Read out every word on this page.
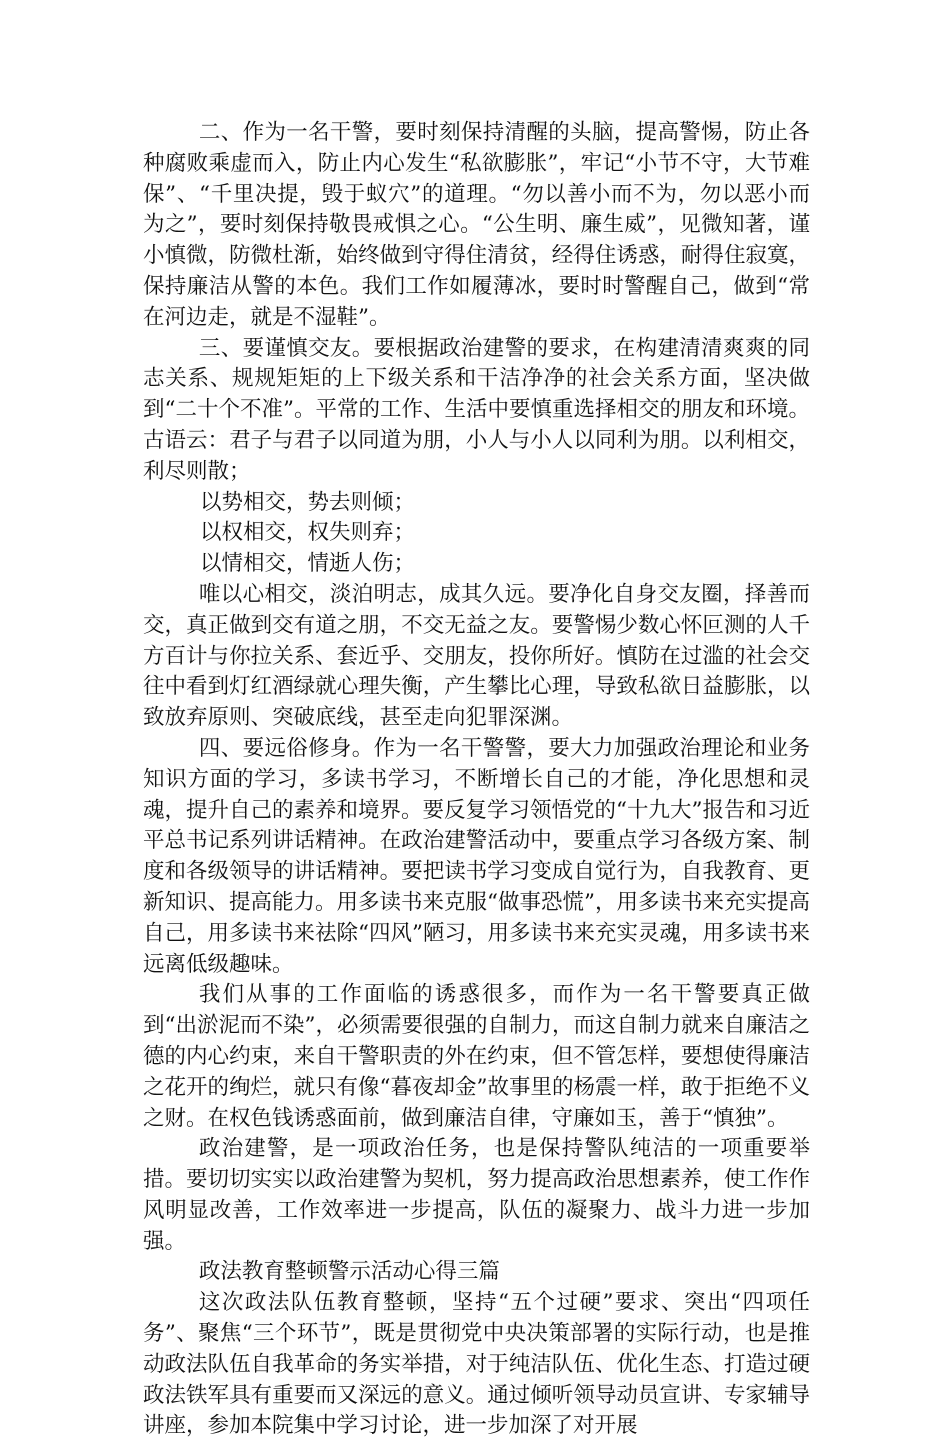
二、作为一名干警，要时刻保持清醒的头脑，提高警惕，防止各种腐败乘虚而入，防止内心发生“私欲膨胀”，牢记“小节不守，大节难保”、“千里决提，毁于蚁穴”的道理。“勿以善小而不为，勿以恶小而为之”，要时刻保持敬畏戒惧之心。“公生明、廉生威”，见微知著，谨小慎微，防微杜渐，始终做到守得住清贫，经得住诱惑，耐得住寂寞，保持廉洁从警的本色。我们工作如履薄冰，要时时警醒自己，做到“常在河边走，就是不湿鞋”。

三、要谨慎交友。要根据政治建警的要求，在构建清清爽爽的同志关系、规规矩矩的上下级关系和干洁净净的社会关系方面，坚决做到“二十个不准”。平常的工作、生活中要慎重选择相交的朋友和环境。古语云：君子与君子以同道为朋，小人与小人以同利为朋。以利相交，利尽则散；

以势相交，势去则倾；

以权相交，权失则弃；

以情相交，情逝人伤；

唯以心相交，淡泊明志，成其久远。要净化自身交友圈，择善而交，真正做到交有道之朋，不交无益之友。要警惕少数心怀叵测的人千方百计与你拉关系、套近乎、交朋友，投你所好。慎防在过滥的社会交往中看到灯红酒绿就心理失衡，产生攀比心理，导致私欲日益膨胀，以致放弃原则、突破底线，甚至走向犯罪深渊。

四、要远俗修身。作为一名干警警，要大力加强政治理论和业务知识方面的学习，多读书学习，不断增长自己的才能，净化思想和灵魂，提升自己的素养和境界。要反复学习领悟党的“十九大”报告和习近平总书记系列讲话精神。在政治建警活动中，要重点学习各级方案、制度和各级领导的讲话精神。要把读书学习变成自觉行为，自我教育、更新知识、提高能力。用多读书来克服“做事恐慌”，用多读书来充实提高自己，用多读书来祛除“四风”陋习，用多读书来充实灵魂，用多读书来远离低级趣味。

我们从事的工作面临的诱惑很多，而作为一名干警要真正做到“出淤泥而不染”，必须需要很强的自制力，而这自制力就来自廉洁之德的内心约束，来自干警职责的外在约束，但不管怎样，要想使得廉洁之花开的绚烂，就只有像“暮夜却金”故事里的杨震一样，敢于拒绝不义之财。在权色钱诱惑面前，做到廉洁自律，守廉如玉，善于“慎独”。

政治建警，是一项政治任务，也是保持警队纯洁的一项重要举措。要切切实实以政治建警为契机，努力提高政治思想素养，使工作作风明显改善，工作效率进一步提高，队伍的凝聚力、战斗力进一步加强。

政法教育整顿警示活动心得三篇

这次政法队伍教育整顿，坚持“五个过硬”要求、突出“四项任务”、聚焦“三个环节”，既是贯彻党中央决策部署的实际行动，也是推动政法队伍自我革命的务实举措，对于纯洁队伍、优化生态、打造过硬政法铁军具有重要而又深远的意义。通过倾听领导动员宣讲、专家辅导讲座，参加本院集中学习讨论，进一步加深了对开展
